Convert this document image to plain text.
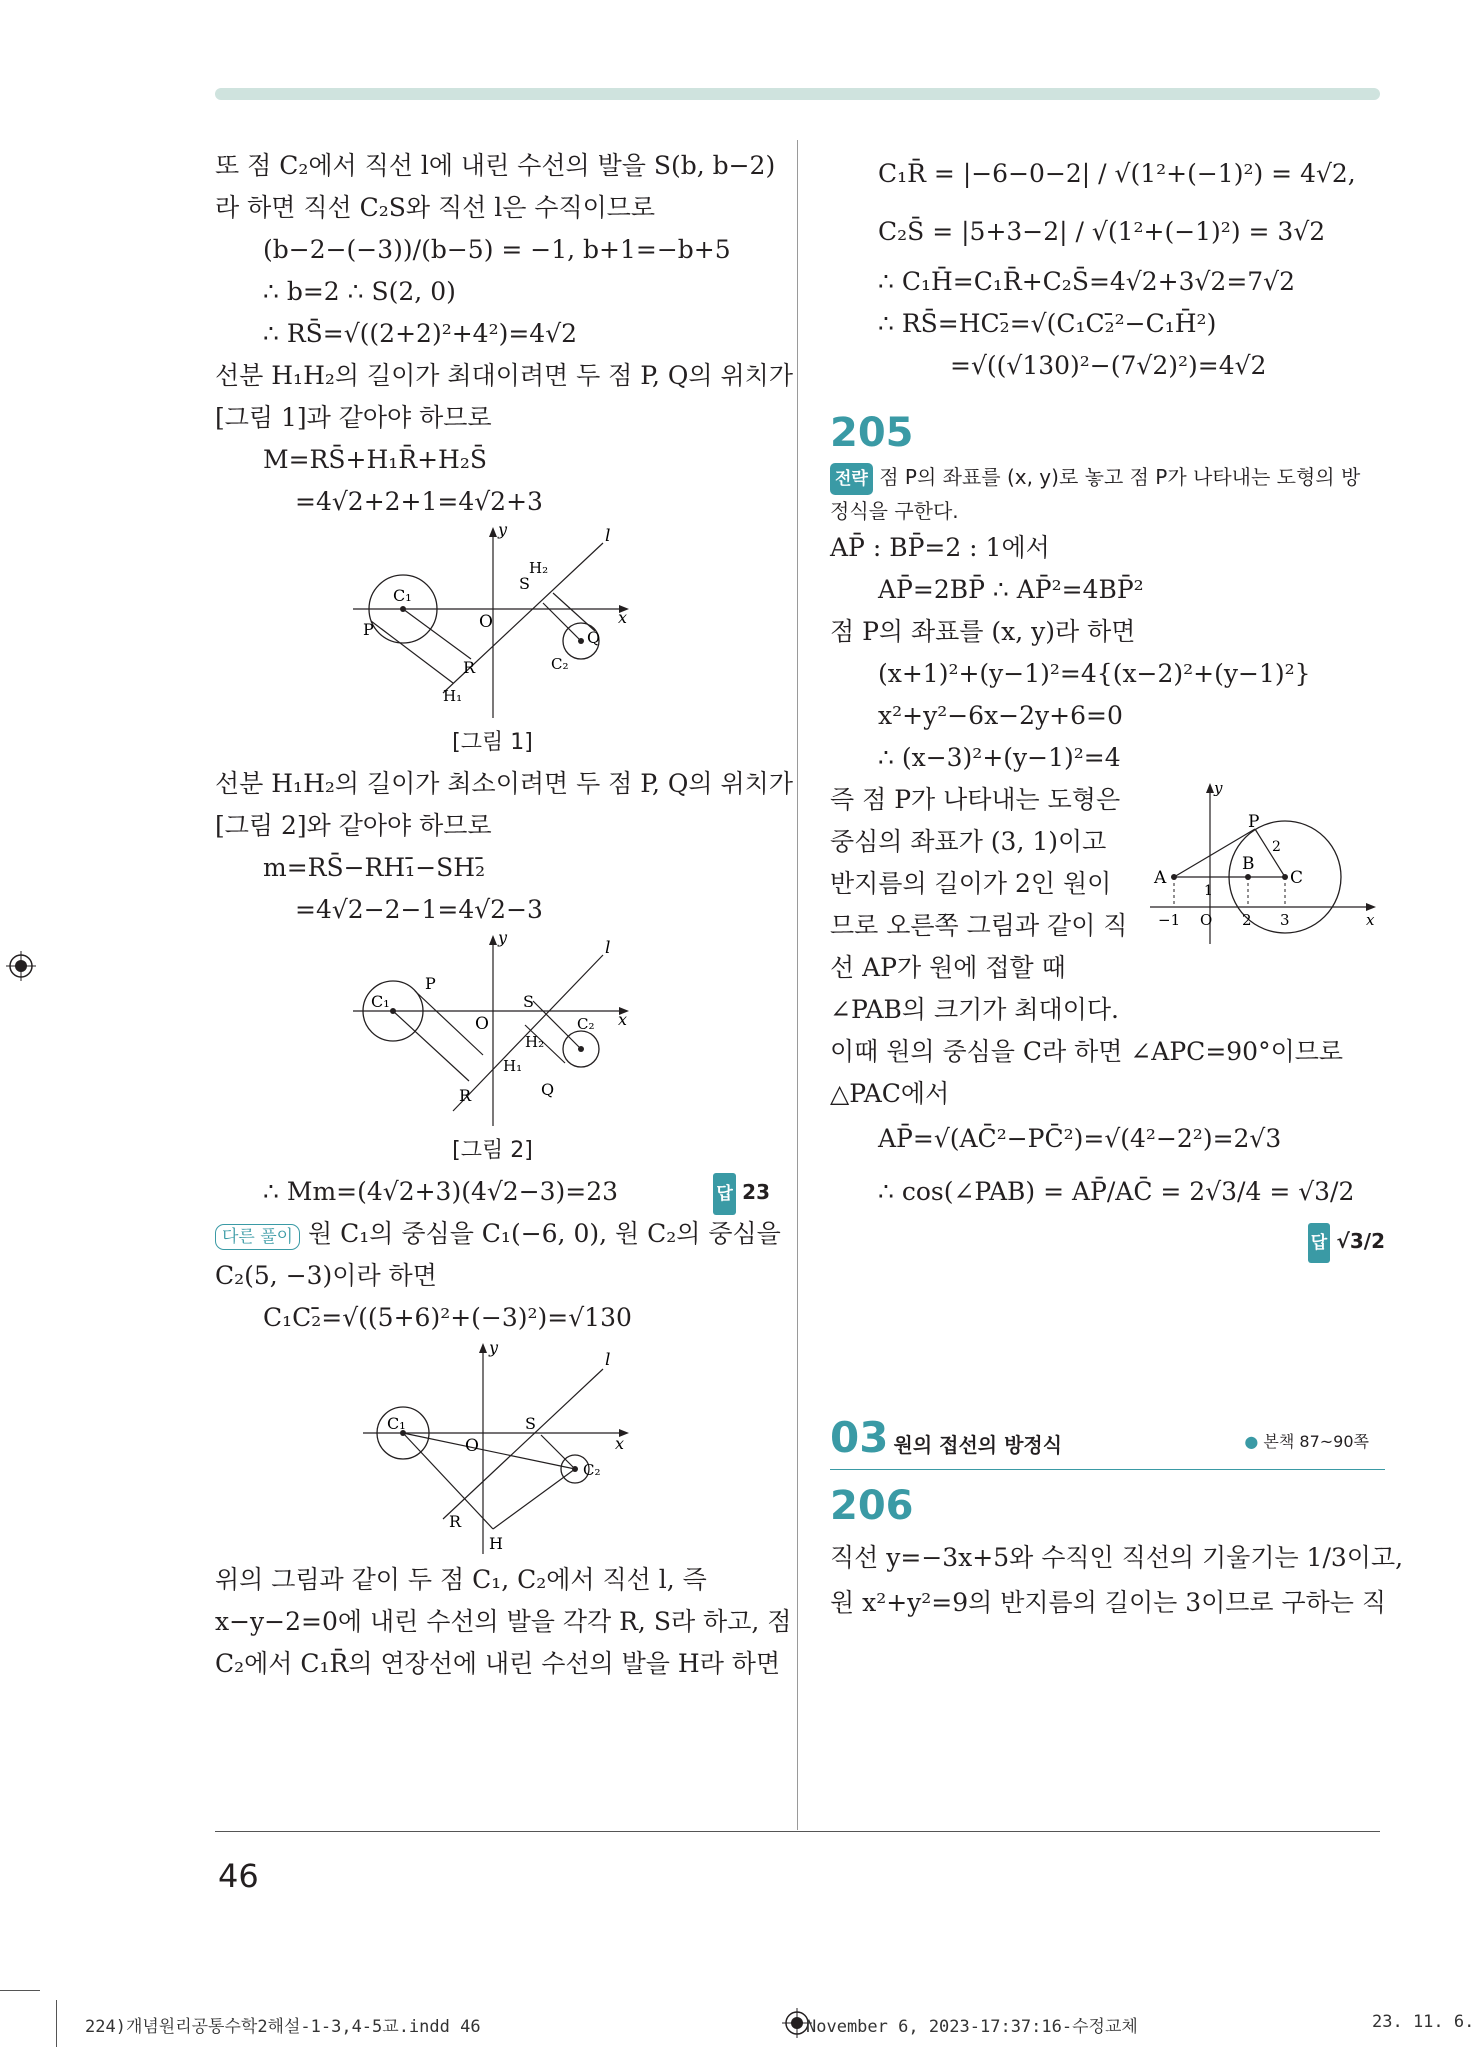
또 점 C₂에서 직선 l에 내린 수선의 발을 S(b, b−2)
라 하면 직선 C₂S와 직선 l은 수직이므로
(b−2−(−3))/(b−5) = −1, b+1=−b+5
∴ b=2 ∴ S(2, 0)
∴ RS̄=√((2+2)²+4²)=4√2
선분 H₁H₂의 길이가 최대이려면 두 점 P, Q의 위치가
[그림 1]과 같아야 하므로
M=RS̄+H₁R̄+H₂S̄
=4√2+2+1=4√2+3
y	l
x
O
C₁
P
R
H₁
S
H₂
Q
C₂
[그림 1]
선분 H₁H₂의 길이가 최소이려면 두 점 P, Q의 위치가
[그림 2]와 같아야 하므로
m=RS̄−RH₁̄−SH₂̄
=4√2−2−1=4√2−3
y
l
x
O
C₁
P
R
H₁
H₂
S
C₂
Q
[그림 2]
∴ Mm=(4√2+3)(4√2−3)=23	답 23
다른 풀이 원 C₁의 중심을 C₁(−6, 0), 원 C₂의 중심을
C₂(5, −3)이라 하면
C₁C₂̄=√((5+6)²+(−3)²)=√130
y
l
x
O
C₁	S
C₂
R
H
위의 그림과 같이 두 점 C₁, C₂에서 직선 l, 즉
x−y−2=0에 내린 수선의 발을 각각 R, S라 하고, 점
C₂에서 C₁R̄의 연장선에 내린 수선의 발을 H라 하면
C₁R̄ = |−6−0−2| / √(1²+(−1)²) = 4√2,
C₂S̄ = |5+3−2| / √(1²+(−1)²) = 3√2
∴ C₁H̄=C₁R̄+C₂S̄=4√2+3√2=7√2
∴ RS̄=HC₂̄=√(C₁C₂̄²−C₁H̄²)
=√((√130)²−(7√2)²)=4√2
205
전략 점 P의 좌표를 (x, y)로 놓고 점 P가 나타내는 도형의 방
정식을 구한다.
AP̄ : BP̄=2 : 1에서
AP̄=2BP̄ ∴ AP̄²=4BP̄²
점 P의 좌표를 (x, y)라 하면
(x+1)²+(y−1)²=4{(x−2)²+(y−1)²}
x²+y²−6x−2y+6=0
∴ (x−3)²+(y−1)²=4
즉 점 P가 나타내는 도형은
중심의 좌표가 (3, 1)이고
반지름의 길이가 2인 원이
므로 오른쪽 그림과 같이 직
선 AP가 원에 접할 때
∠PAB의 크기가 최대이다.
y
x
A
B
C
P
2
1
−1 O 2 3
이때 원의 중심을 C라 하면 ∠APC=90°이므로
△PAC에서
AP̄=√(AC̄²−PC̄²)=√(4²−2²)=2√3
∴ cos(∠PAB) = AP̄/AC̄ = 2√3/4 = √3/2
답 √3/2
03 원의 접선의 방정식	● 본책 87~90쪽
206
직선 y=−3x+5와 수직인 직선의 기울기는 1/3이고,
원 x²+y²=9의 반지름의 길이는 3이므로 구하는 직
46
224)개념원리공통수학2해설-1-3,4-5교.indd 46	November 6, 2023-17:37:16-수정교체	23. 11. 6.
